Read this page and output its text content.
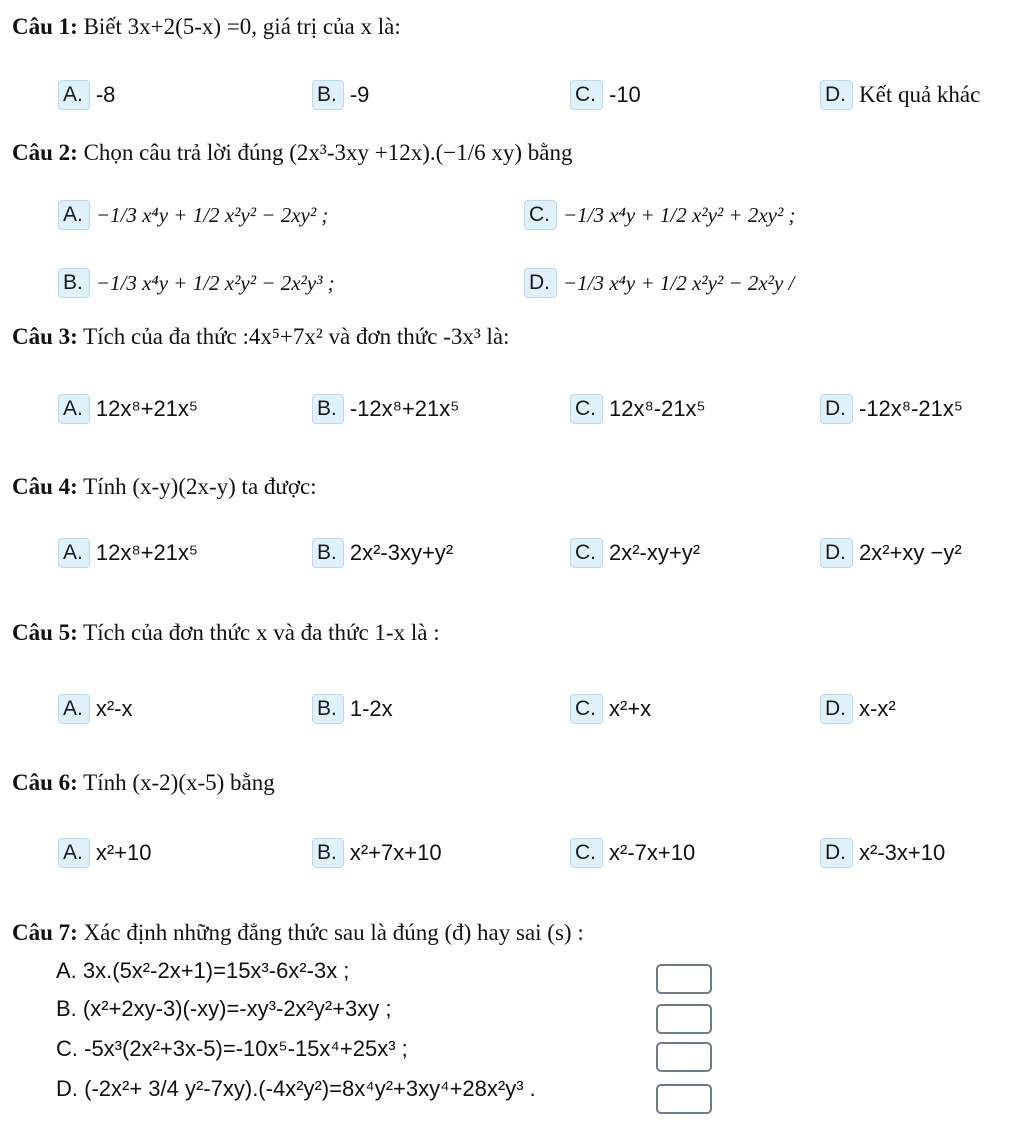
Câu 1: Biết 3x+2(5-x) =0, giá trị của x là:
A. -8	B. -9	C. -10	D. Kết quả khác
Câu 2: Chọn câu trả lời đúng (2x³-3xy +12x).(−1/6 xy) bằng
A. −1/3 x⁴y + 1/2 x²y² − 2xy² ;	C. −1/3 x⁴y + 1/2 x²y² + 2xy² ;
B. −1/3 x⁴y + 1/2 x²y² − 2x²y³ ;	D. −1/3 x⁴y + 1/2 x²y² − 2x²y /
Câu 3: Tích của đa thức :4x⁵+7x² và đơn thức -3x³ là:
A. 12x⁸+21x⁵	B. -12x⁸+21x⁵	C. 12x⁸-21x⁵	D. -12x⁸-21x⁵
Câu 4: Tính (x-y)(2x-y) ta được:
A. 12x⁸+21x⁵	B. 2x²-3xy+y²	C. 2x²-xy+y²	D. 2x²+xy −y²
Câu 5: Tích của đơn thức x và đa thức 1-x là :
A. x²-x	B. 1-2x	C. x²+x	D. x-x²
Câu 6: Tính (x-2)(x-5) bằng
A. x²+10	B. x²+7x+10	C. x²-7x+10	D. x²-3x+10
Câu 7: Xác định những đẳng thức sau là đúng (đ) hay sai (s) :
A. 3x.(5x²-2x+1)=15x³-6x²-3x ;
B. (x²+2xy-3)(-xy)=-xy³-2x²y²+3xy ;
C. -5x³(2x²+3x-5)=-10x⁵-15x⁴+25x³ ;
D. (-2x²+ 3/4 y²-7xy).(-4x²y²)=8x⁴y²+3xy⁴+28x²y³ .
